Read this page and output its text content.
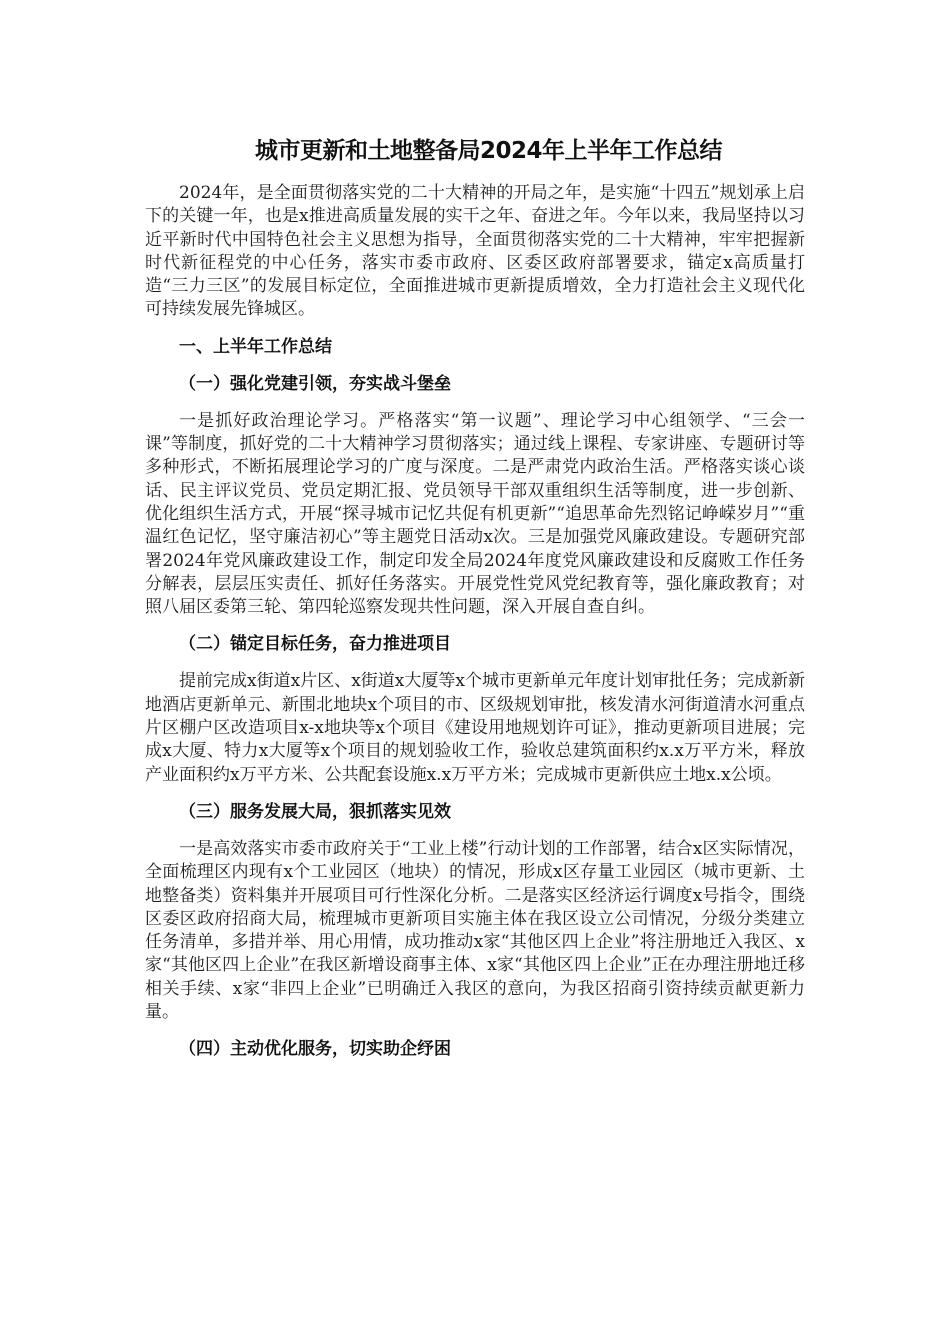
城市更新和土地整备局2024年上半年工作总结

2024年，是全面贯彻落实党的二十大精神的开局之年，是实施“十四五”规划承上启下的关键一年，也是x推进高质量发展的实干之年、奋进之年。今年以来，我局坚持以习近平新时代中国特色社会主义思想为指导，全面贯彻落实党的二十大精神，牢牢把握新时代新征程党的中心任务，落实市委市政府、区委区政府部署要求，锚定x高质量打造“三力三区”的发展目标定位，全面推进城市更新提质增效，全力打造社会主义现代化可持续发展先锋城区。

一、上半年工作总结
（一）强化党建引领，夯实战斗堡垒

一是抓好政治理论学习。严格落实“第一议题”、理论学习中心组领学、“三会一课”等制度，抓好党的二十大精神学习贯彻落实；通过线上课程、专家讲座、专题研讨等多种形式，不断拓展理论学习的广度与深度。二是严肃党内政治生活。严格落实谈心谈话、民主评议党员、党员定期汇报、党员领导干部双重组织生活等制度，进一步创新、优化组织生活方式，开展“探寻城市记忆共促有机更新”“追思革命先烈铭记峥嵘岁月”“重温红色记忆，坚守廉洁初心”等主题党日活动x次。三是加强党风廉政建设。专题研究部署2024年党风廉政建设工作，制定印发全局2024年度党风廉政建设和反腐败工作任务分解表，层层压实责任、抓好任务落实。开展党性党风党纪教育等，强化廉政教育；对照八届区委第三轮、第四轮巡察发现共性问题，深入开展自查自纠。

（二）锚定目标任务，奋力推进项目

提前完成x街道x片区、x街道x大厦等x个城市更新单元年度计划审批任务；完成新新地酒店更新单元、新围北地块x个项目的市、区级规划审批，核发清水河街道清水河重点片区棚户区改造项目x-x地块等x个项目《建设用地规划许可证》，推动更新项目进展；完成x大厦、特力x大厦等x个项目的规划验收工作，验收总建筑面积约x.x万平方米，释放产业面积约x万平方米、公共配套设施x.x万平方米；完成城市更新供应土地x.x公顷。

（三）服务发展大局，狠抓落实见效

一是高效落实市委市政府关于“工业上楼”行动计划的工作部署，结合x区实际情况，全面梳理区内现有x个工业园区（地块）的情况，形成x区存量工业园区（城市更新、土地整备类）资料集并开展项目可行性深化分析。二是落实区经济运行调度x号指令，围绕区委区政府招商大局，梳理城市更新项目实施主体在我区设立公司情况，分级分类建立任务清单，多措并举、用心用情，成功推动x家“其他区四上企业”将注册地迁入我区、x家“其他区四上企业”在我区新增设商事主体、x家“其他区四上企业”正在办理注册地迁移相关手续、x家“非四上企业”已明确迁入我区的意向，为我区招商引资持续贡献更新力量。

（四）主动优化服务，切实助企纾困
